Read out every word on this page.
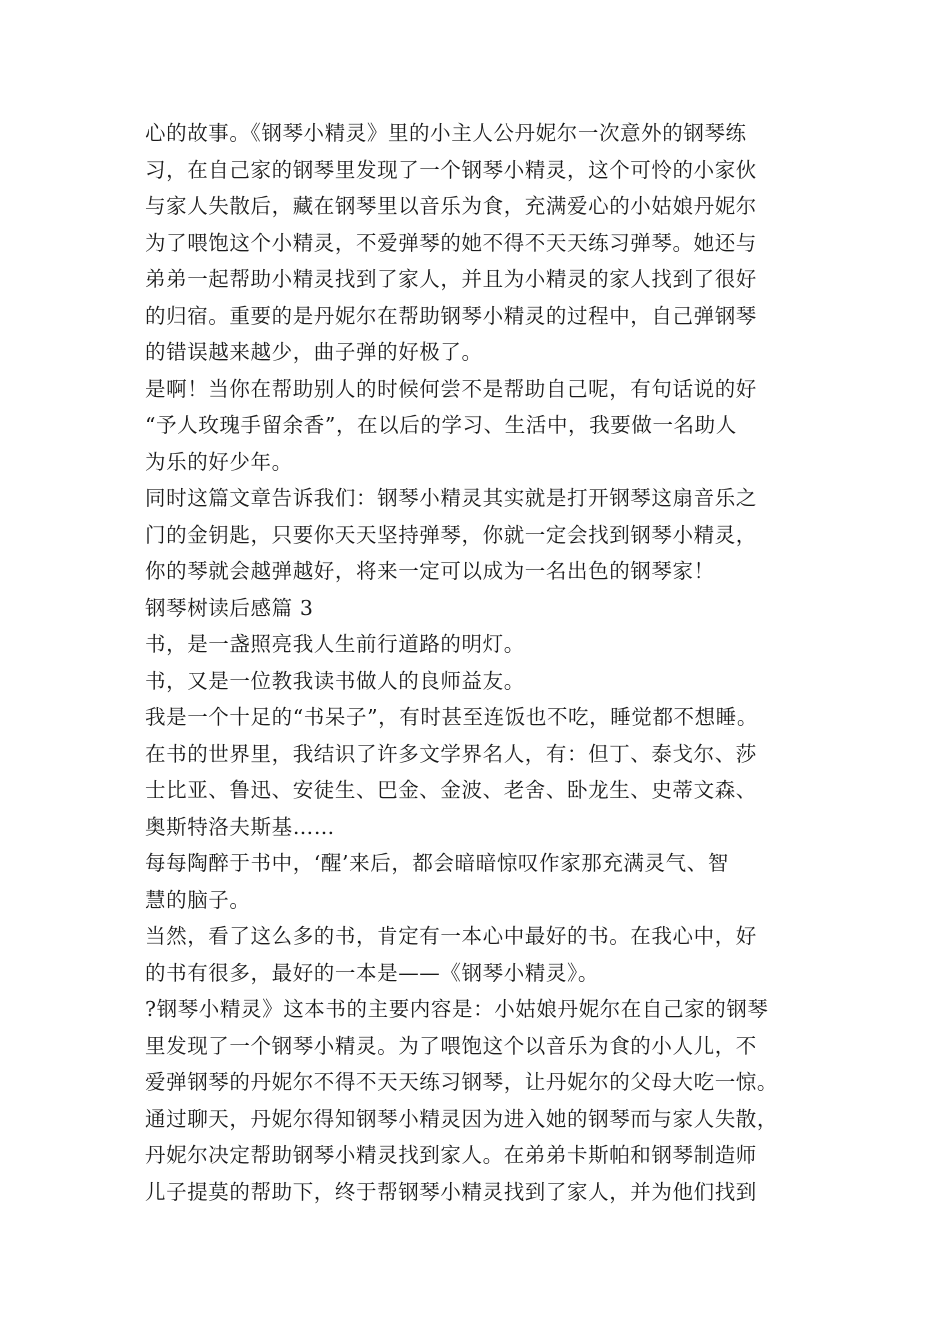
心的故事。《钢琴小精灵》里的小主人公丹妮尔一次意外的钢琴练
习，在自己家的钢琴里发现了一个钢琴小精灵，这个可怜的小家伙
与家人失散后，藏在钢琴里以音乐为食，充满爱心的小姑娘丹妮尔
为了喂饱这个小精灵，不爱弹琴的她不得不天天练习弹琴。她还与
弟弟一起帮助小精灵找到了家人，并且为小精灵的家人找到了很好
的归宿。重要的是丹妮尔在帮助钢琴小精灵的过程中，自己弹钢琴
的错误越来越少，曲子弹的好极了。
是啊！当你在帮助别人的时候何尝不是帮助自己呢，有句话说的好
“予人玫瑰手留余香”，在以后的学习、生活中，我要做一名助人
为乐的好少年。
同时这篇文章告诉我们：钢琴小精灵其实就是打开钢琴这扇音乐之
门的金钥匙，只要你天天坚持弹琴，你就一定会找到钢琴小精灵，
你的琴就会越弹越好，将来一定可以成为一名出色的钢琴家！
钢琴树读后感篇 3
书，是一盏照亮我人生前行道路的明灯。
书，又是一位教我读书做人的良师益友。
我是一个十足的“书呆子”，有时甚至连饭也不吃，睡觉都不想睡。
在书的世界里，我结识了许多文学界名人，有：但丁、泰戈尔、莎
士比亚、鲁迅、安徒生、巴金、金波、老舍、卧龙生、史蒂文森、
奥斯特洛夫斯基……
每每陶醉于书中，‘醒’来后，都会暗暗惊叹作家那充满灵气、智
慧的脑子。
当然，看了这么多的书，肯定有一本心中最好的书。在我心中，好
的书有很多，最好的一本是——《钢琴小精灵》。
?钢琴小精灵》这本书的主要内容是：小姑娘丹妮尔在自己家的钢琴
里发现了一个钢琴小精灵。为了喂饱这个以音乐为食的小人儿，不
爱弹钢琴的丹妮尔不得不天天练习钢琴，让丹妮尔的父母大吃一惊。
通过聊天，丹妮尔得知钢琴小精灵因为进入她的钢琴而与家人失散，
丹妮尔决定帮助钢琴小精灵找到家人。在弟弟卡斯帕和钢琴制造师
儿子提莫的帮助下，终于帮钢琴小精灵找到了家人，并为他们找到
